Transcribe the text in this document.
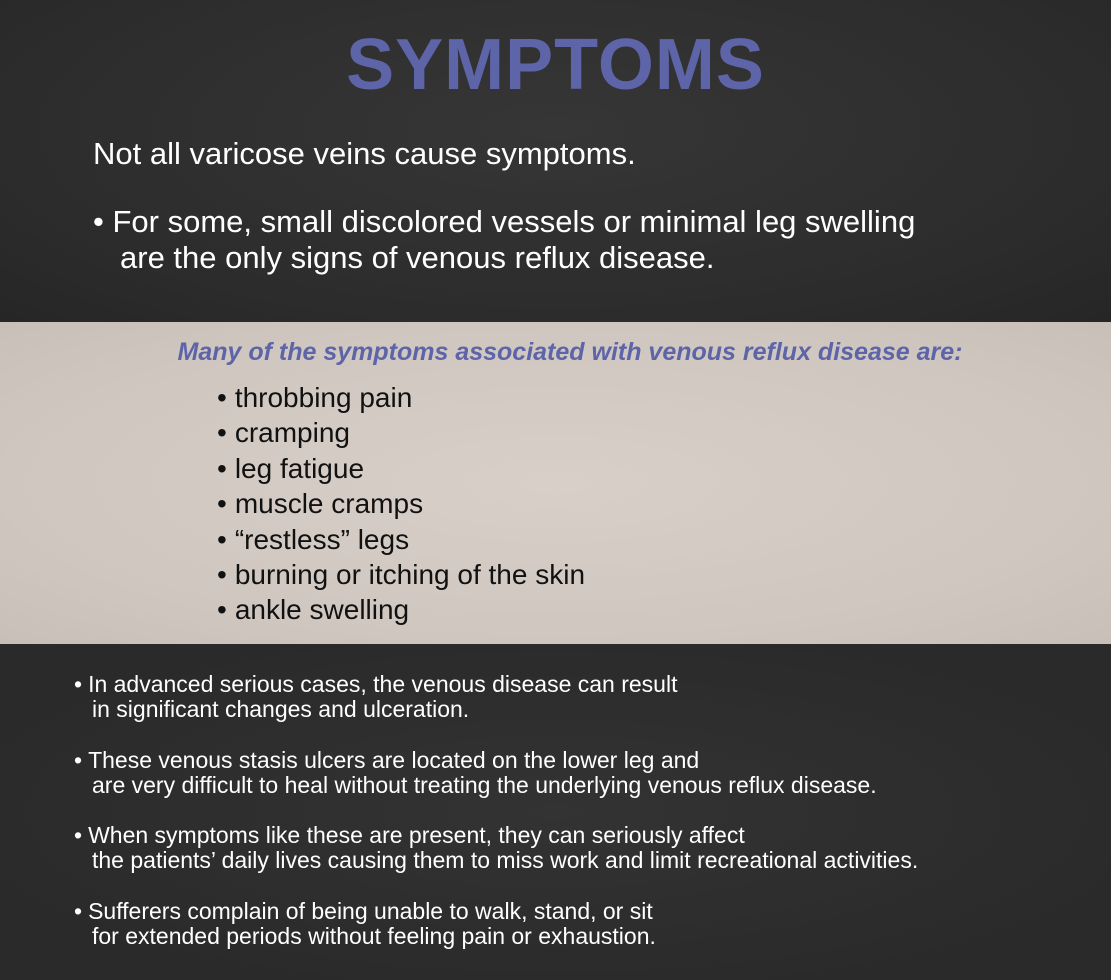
SYMPTOMS

Not all varicose veins cause symptoms.

• For some, small discolored vessels or minimal leg swelling
are the only signs of venous reflux disease.

Many of the symptoms associated with venous reflux disease are:

• throbbing pain
• cramping
• leg fatigue
• muscle cramps
• “restless” legs
• burning or itching of the skin
• ankle swelling
• In advanced serious cases, the venous disease can result
in significant changes and ulceration.
• These venous stasis ulcers are located on the lower leg and
are very difficult to heal without treating the underlying venous reflux disease.
• When symptoms like these are present, they can seriously affect
the patients’ daily lives causing them to miss work and limit recreational activities.
• Sufferers complain of being unable to walk, stand, or sit
for extended periods without feeling pain or exhaustion.
